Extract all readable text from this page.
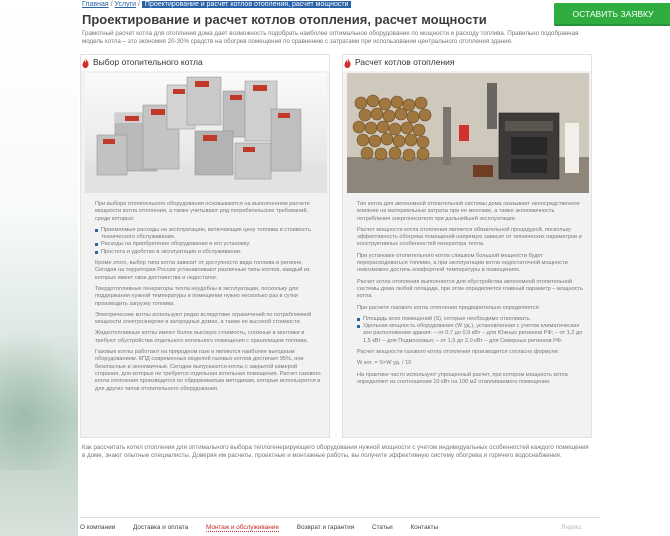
Главная / Услуги / Проектирование и расчет котлов отопления, расчет мощности
Проектирование и расчет котлов отопления, расчет мощности
Грамотный расчет котла для отопления дома дает возможность подобрать наиболее оптимальное оборудование по мощности и расходу топлива. Правильно подобранная модель котла – это экономия 20-30% средств на обогрев помещения по сравнению с затратами при использовании центрального отопления здания.
ОСТАВИТЬ ЗАЯВКУ
Выбор отопительного котла

При выборе отопительного оборудования основываются на выполненном расчете мощности котла отопления, а также учитывают ряд потребительских требований, среди которых:

Приемлемые расходы на эксплуатацию, включающие цену топлива и стоимость технического обслуживания.
Расходы на приобретение оборудования и его установку.
Простота и удобство в эксплуатации и обслуживании.

Кроме этого, выбор типа котла зависит от доступности вида топлива в регионе. Сегодня на территории России устанавливают различные типы котлов, каждый из которых имеет свои достоинства и недостатки.

Твердотопливные генераторы тепла неудобны в эксплуатации, поскольку для поддержания нужной температуры в помещении нужно несколько раз в сутки производить загрузку топлива.

Электрические котлы используют редко вследствие ограничений по потребляемой мощности электроэнергии в загородных домах, а также ее высокой стоимости.

Жидкотопливные котлы имеют более высокую стоимость, сложные в монтаже и требуют обустройства отдельного котельного помещения с хранилищем топлива.

Газовые котлы работают на природном газе и являются наиболее выгодным оборудованием. КПД современных моделей газовых котлов достигает 95%, они безопасные и экономичные. Сегодни выпускаются котлы с закрытой камерой сгорания, для которых не требуется отдельная котельная помещения. Расчет газового котла отопления производится по обдержиматым методикам, которые используются и для других типов отопительного оборудования.

Расчет котлов отопления

Тип котла для автономной отопительной системы дома оказывает непосредственное влияние на материальные затраты при ее монтаже, а также экономичность потребления энергоносителя при дальнейшей эксплуатации.

Расчет мощности котла отопления является обязательной процедурой, поскольку эффективность обогрева помещений напрямую зависит от технических параметров и конструктивных особенностей генератора тепла.

При установке отопительного котла слишком большой мощности будет перерасходоваться топливо, а при эксплуатации котла недостаточной мощности невозможно достичь комфортной температуры в помещениях.

Расчет котла отопления выполняется для обустройства автономной отопительной системы дома любой площади, при этом определяется главный параметр – мощность котла.

При расчете газового котла отопления предварительно определяется:

Площадь всех помещений (S), которые необходимо отапливать.
Удельная мощность оборудования (W уд.), установленная с учетом климатических зон расположения здания: – от 0,7 до 0,9 кВт – для Южных регионов РФ; – от 1,2 до 1,5 кВт – для Подмосковья; – от 1,5 до 2,0 кВт – для Северных регионов РФ.

Расчет мощности газового котла отопления производится согласно формуле:

W кот. = S×W уд. / 10

На практике часто используют упрощенный расчет, при котором мощность котла определяют из соотношения 10 кВт на 100 м2 отапливаемого помещения.

Как рассчитать котел отопления для оптимального выбора теплогенерирующего оборудования нужной мощности с учетом индивидуальных особенностей каждого помещения в доме, знают опытные специалисты. Доверяя им расчеты, проектные и монтажные работы, вы получите эффективную систему обогрева и горячего водоснабжения.
О компании	Доставка и оплата	Монтаж и обслуживание	Возврат и гарантия	Статьи	Контакты	Яндекс
